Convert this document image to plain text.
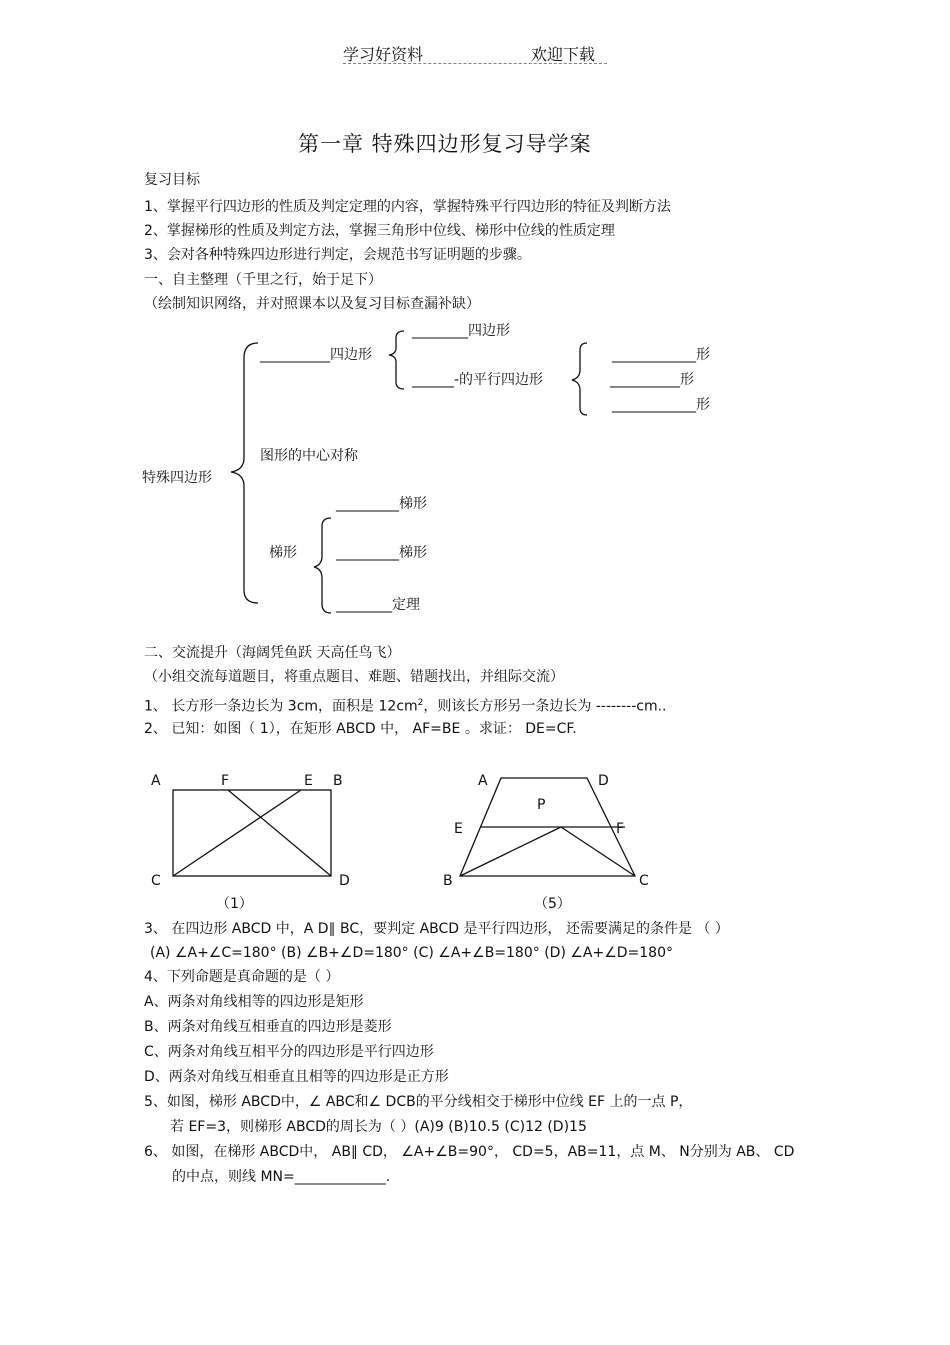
学习好资料	欢迎下载
第一章 特殊四边形复习导学案
复习目标
1、掌握平行四边形的性质及判定定理的内容，掌握特殊平行四边形的特征及判断方法
2、掌握梯形的性质及判定方法，掌握三角形中位线、梯形中位线的性质定理
3、会对各种特殊四边形进行判定，会规范书写证明题的步骤。
一、自主整理（千里之行，始于足下）
（绘制知识网络，并对照课本以及复习目标查漏补缺）
特殊四边形
__________四边形
________四边形
______-的平行四边形
____________形
__________形
____________形
图形的中心对称
梯形
_________梯形
_________梯形
________定理
二、交流提升（海阔凭鱼跃 天高任鸟飞）
（小组交流每道题目，将重点题目、难题、错题找出，并组际交流）
1、 长方形一条边长为 3cm，面积是 $12cm^2$，则该长方形另一条边长为 --------cm..
2、 已知：如图（ 1），在矩形 ABCD 中， AF=BE 。求证： DE=CF.
A	F	E B
C	D
（1）
A	D
P
E	F
B	C
（5）
3、 在四边形 ABCD 中，A D∥ BC，要判定 ABCD 是平行四边形， 还需要满足的条件是 （ ）
(A) ∠A+∠C=180° (B) ∠B+∠D=180° (C) ∠A+∠B=180° (D) ∠A+∠D=180°
4、下列命题是真命题的是（ ）
A、两条对角线相等的四边形是矩形
B、两条对角线互相垂直的四边形是菱形
C、两条对角线互相平分的四边形是平行四边形
D、两条对角线互相垂直且相等的四边形是正方形
5、如图，梯形 ABCD中，∠ ABC和∠ DCB的平分线相交于梯形中位线 EF 上的一点 P，
若 EF=3，则梯形 ABCD的周长为（ ）(A)9 (B)10.5 (C)12 (D)15
6、 如图，在梯形 ABCD中， AB∥ CD， ∠A+∠B=90°， CD=5，AB=11，点 M、 N分别为 AB、 CD
的中点，则线 MN=_____________.
